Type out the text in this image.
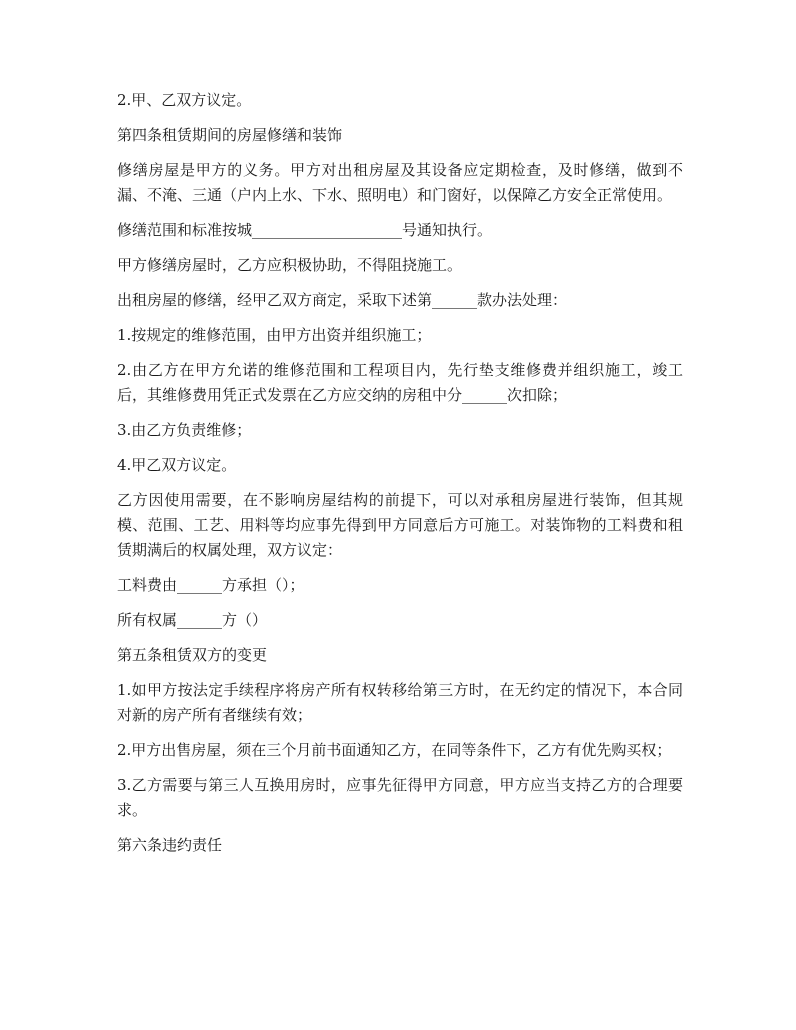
2.甲、乙双方议定。

第四条租赁期间的房屋修缮和装饰

修缮房屋是甲方的义务。甲方对出租房屋及其设备应定期检查，及时修缮，做到不漏、不淹、三通（户内上水、下水、照明电）和门窗好，以保障乙方安全正常使用。

修缮范围和标准按城____________________号通知执行。

甲方修缮房屋时，乙方应积极协助，不得阻挠施工。

出租房屋的修缮，经甲乙双方商定，采取下述第______款办法处理：

1.按规定的维修范围，由甲方出资并组织施工；

2.由乙方在甲方允诺的维修范围和工程项目内，先行垫支维修费并组织施工，竣工后，其维修费用凭正式发票在乙方应交纳的房租中分______次扣除；

3.由乙方负责维修；

4.甲乙双方议定。

乙方因使用需要，在不影响房屋结构的前提下，可以对承租房屋进行装饰，但其规模、范围、工艺、用料等均应事先得到甲方同意后方可施工。对装饰物的工料费和租赁期满后的权属处理，双方议定：

工料费由______方承担（）；

所有权属______方（）

第五条租赁双方的变更

1.如甲方按法定手续程序将房产所有权转移给第三方时，在无约定的情况下，本合同对新的房产所有者继续有效；

2.甲方出售房屋，须在三个月前书面通知乙方，在同等条件下，乙方有优先购买权；

3.乙方需要与第三人互换用房时，应事先征得甲方同意，甲方应当支持乙方的合理要求。

第六条违约责任
